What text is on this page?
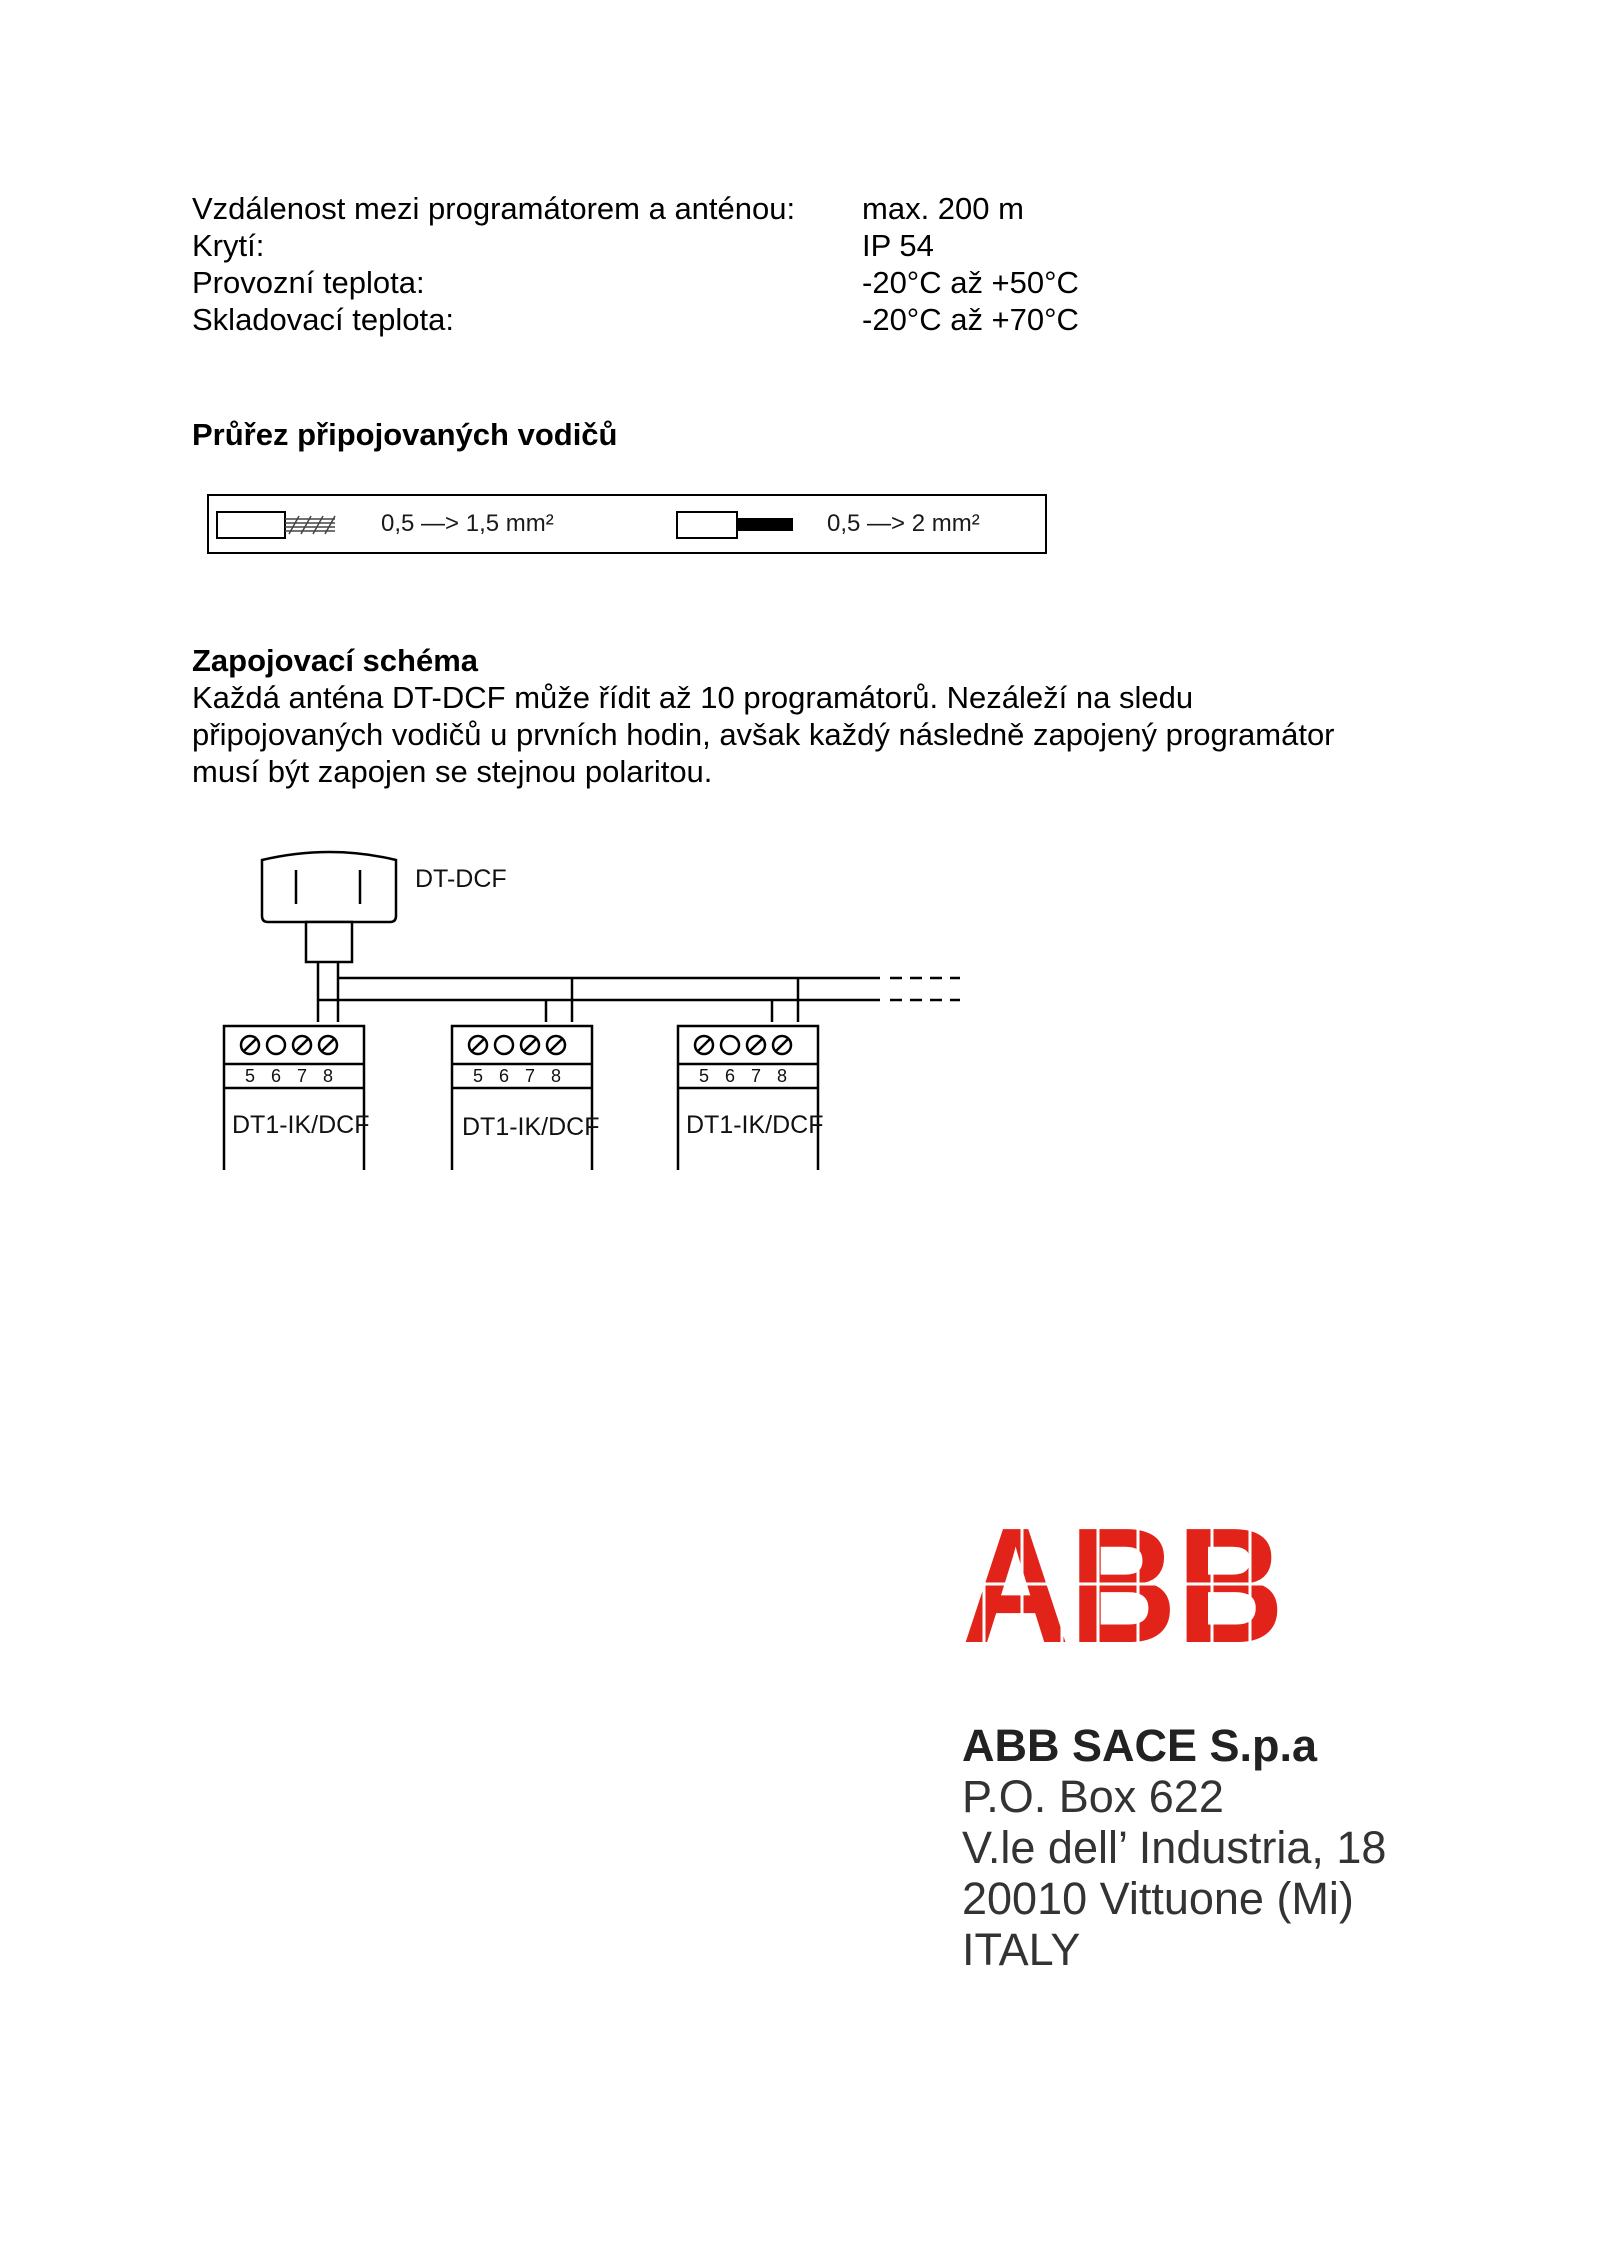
Vzdálenost mezi programátorem a anténou:	max. 200 m
Krytí:	IP 54
Provozní teplota:	-20°C až +50°C
Skladovací teplota:	-20°C až +70°C
Průřez připojovaných vodičů
0,5 —> 1,5 mm²	0,5 —> 2 mm²
Zapojovací schéma
Každá anténa DT-DCF může řídit až 10 programátorů. Nezáleží na sledu
připojovaných vodičů u prvních hodin, avšak každý následně zapojený programátor
musí být zapojen se stejnou polaritou.
DT-DCF
5 6 7 8	5 6 7 8	5 6 7 8
DT1-IK/DCF	DT1-IK/DCF	DT1-IK/DCF
ABB
ABB SACE S.p.a
P.O. Box 622
V.le dell’ Industria, 18
20010 Vittuone (Mi)
ITALY
